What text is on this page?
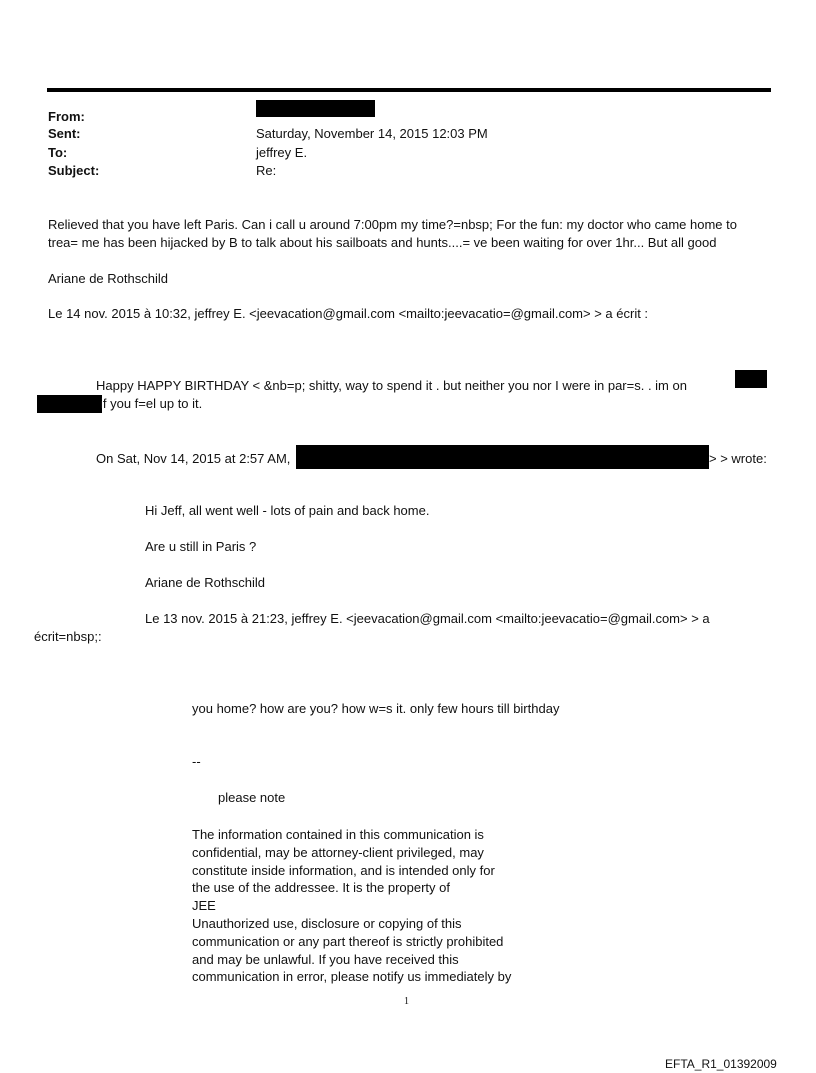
From:
Sent:	Saturday, November 14, 2015 12:03 PM
To:	jeffrey E.
Subject:	Re:
Relieved that you have left Paris. Can i call u around 7:00pm my time?=nbsp; For the fun: my doctor who came home to
trea= me has been hijacked by B to talk about his sailboats and hunts....= ve been waiting for over 1hr... But all good
Ariane de Rothschild
Le 14 nov. 2015 à 10:32, jeffrey E. <jeevacation@gmail.com <mailto:jeevacatio=@gmail.com> > a écrit :
Happy HAPPY BIRTHDAY < &nb=p; shitty, way to spend it . but neither you nor I were in par=s. . im on
if you f=el up to it.
On Sat, Nov 14, 2015 at 2:57 AM,	> > wrote:
Hi Jeff, all went well - lots of pain and back home.
Are u still in Paris ?
Ariane de Rothschild
Le 13 nov. 2015 à 21:23, jeffrey E. <jeevacation@gmail.com <mailto:jeevacatio=@gmail.com> > a
écrit=nbsp;:
you home? how are you? how w=s it. only few hours till birthday
--
please note
The information contained in this communication is
confidential, may be attorney-client privileged, may
constitute inside information, and is intended only for
the use of the addressee. It is the property of
JEE
Unauthorized use, disclosure or copying of this
communication or any part thereof is strictly prohibited
and may be unlawful. If you have received this
communication in error, please notify us immediately by
1
EFTA_R1_01392009
